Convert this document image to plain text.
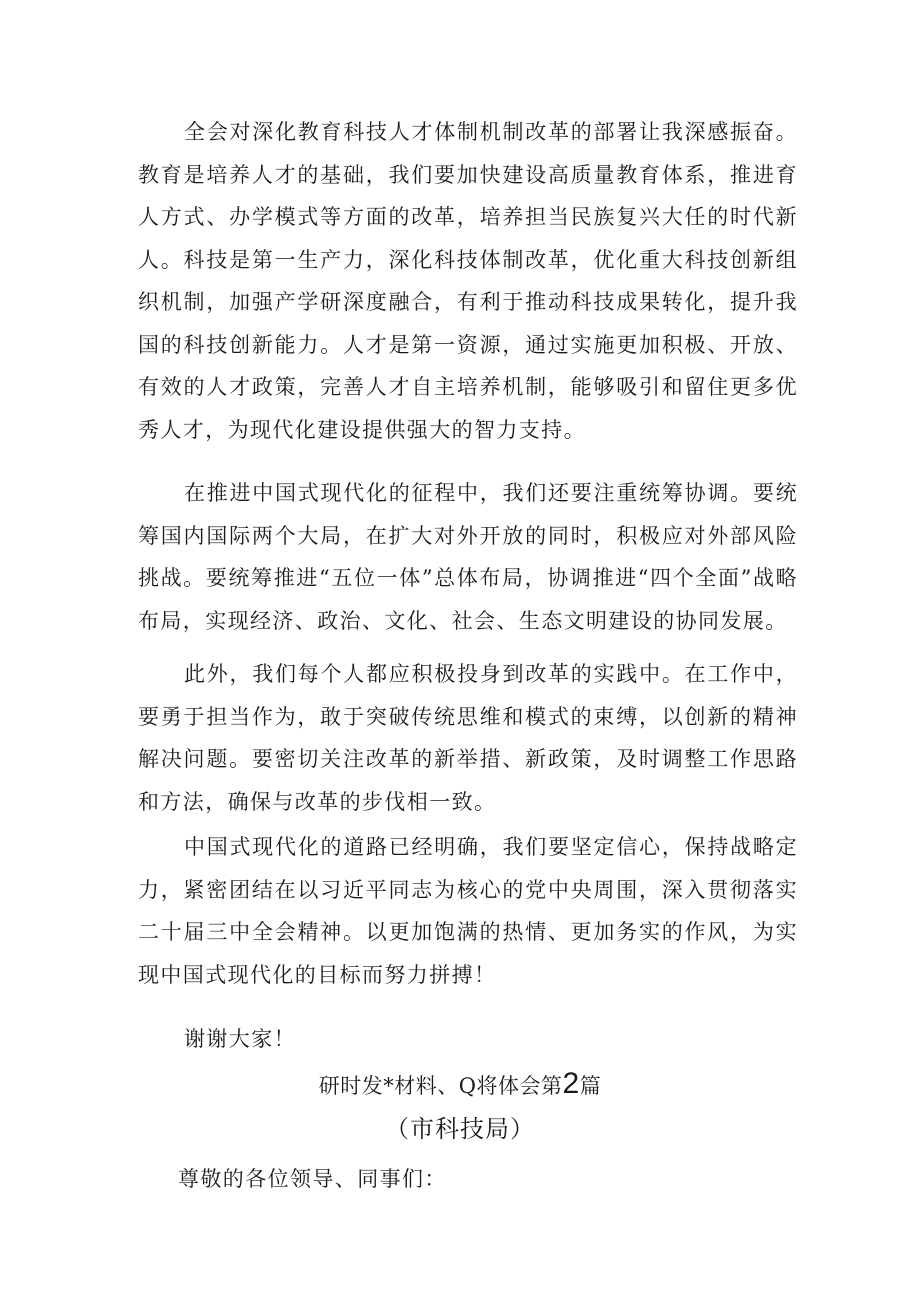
全会对深化教育科技人才体制机制改革的部署让我深感振奋。教育是培养人才的基础，我们要加快建设高质量教育体系，推进育人方式、办学模式等方面的改革，培养担当民族复兴大任的时代新人。科技是第一生产力，深化科技体制改革，优化重大科技创新组织机制，加强产学研深度融合，有利于推动科技成果转化，提升我国的科技创新能力。人才是第一资源，通过实施更加积极、开放、有效的人才政策，完善人才自主培养机制，能够吸引和留住更多优秀人才，为现代化建设提供强大的智力支持。

在推进中国式现代化的征程中，我们还要注重统筹协调。要统筹国内国际两个大局，在扩大对外开放的同时，积极应对外部风险挑战。要统筹推进“五位一体”总体布局，协调推进“四个全面”战略布局，实现经济、政治、文化、社会、生态文明建设的协同发展。

此外，我们每个人都应积极投身到改革的实践中。在工作中，要勇于担当作为，敢于突破传统思维和模式的束缚，以创新的精神解决问题。要密切关注改革的新举措、新政策，及时调整工作思路和方法，确保与改革的步伐相一致。

中国式现代化的道路已经明确，我们要坚定信心，保持战略定力，紧密团结在以习近平同志为核心的党中央周围，深入贯彻落实二十届三中全会精神。以更加饱满的热情、更加务实的作风，为实现中国式现代化的目标而努力拼搏！

谢谢大家！

研时发*材料、Q将体会第2篇
（市科技局）

尊敬的各位领导、同事们：
